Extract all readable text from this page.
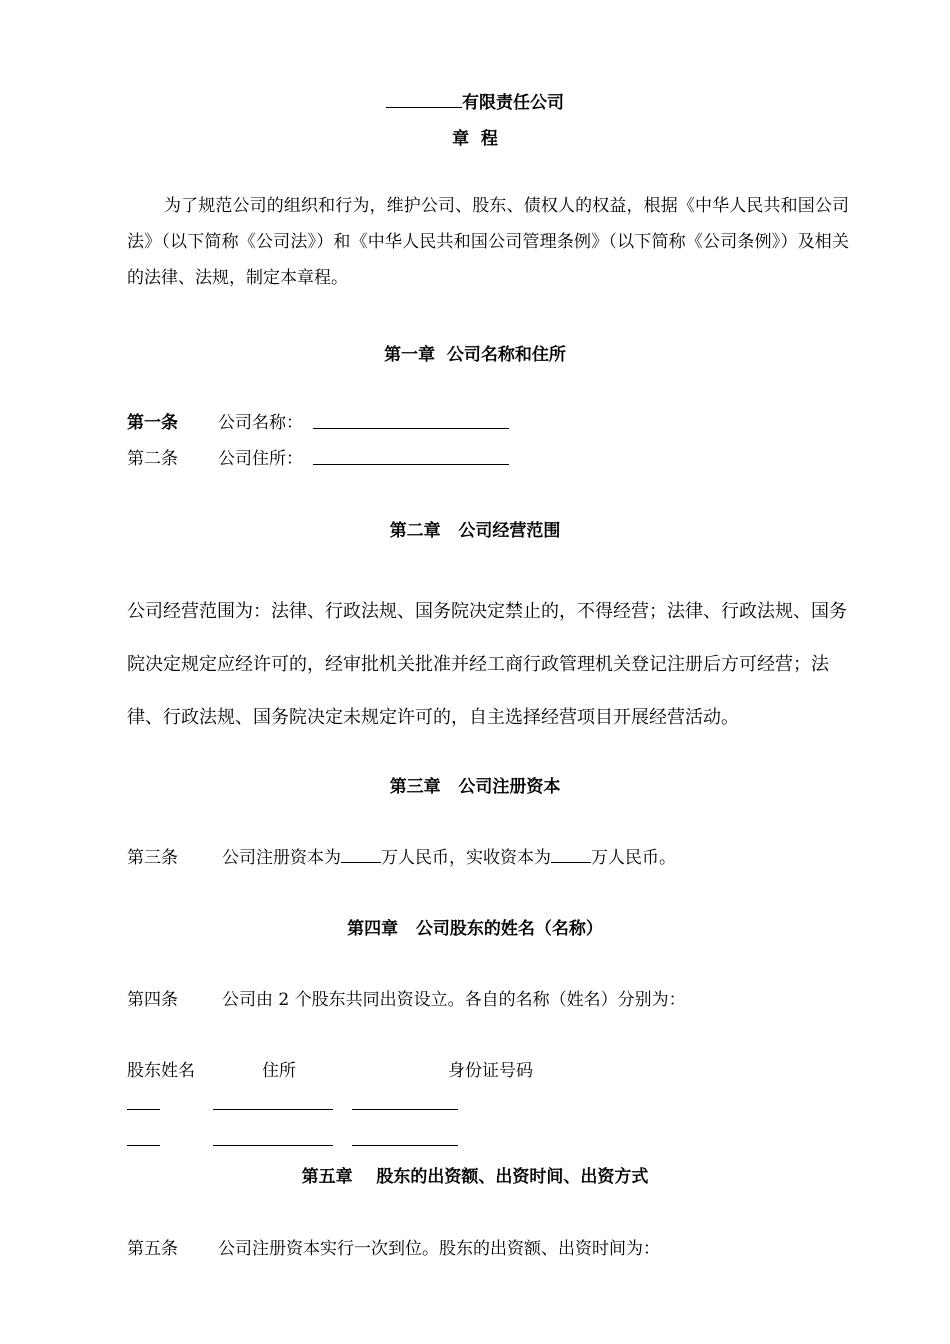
有限责任公司
章  程
为了规范公司的组织和行为，维护公司、股东、债权人的权益，根据《中华人民共和国公司法》（以下简称《公司法》）和《中华人民共和国公司管理条例》（以下简称《公司条例》）及相关的法律、法规，制定本章程。
第一章  公司名称和住所
第一条 公司名称：
第二条 公司住所：
第二章   公司经营范围
公司经营范围为：法律、行政法规、国务院决定禁止的，不得经营；法律、行政法规、国务院决定规定应经许可的，经审批机关批准并经工商行政管理机关登记注册后方可经营；法律、行政法规、国务院决定未规定许可的，自主选择经营项目开展经营活动。
第三章   公司注册资本
第三条	公司注册资本为 万人民币，实收资本为 万人民币。
第四章   公司股东的姓名（名称）
第四条	公司由 2 个股东共同出资设立。各自的名称（姓名）分别为：
股东姓名	住所	身份证号码
第五章    股东的出资额、出资时间、出资方式
第五条 公司注册资本实行一次到位。股东的出资额、出资时间为：
